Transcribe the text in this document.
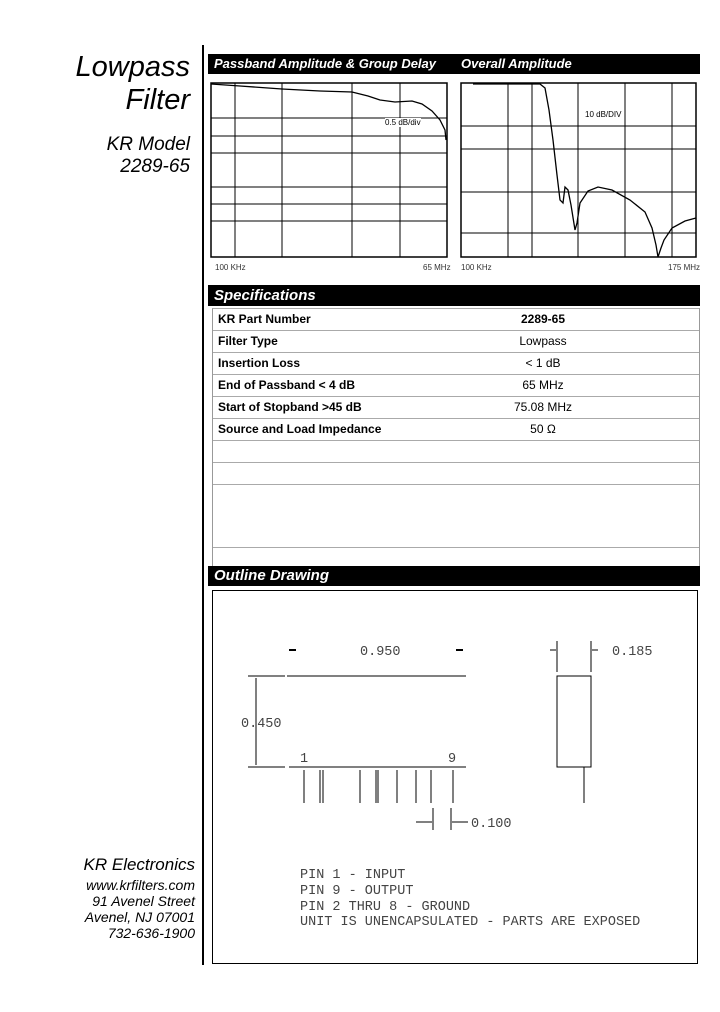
Lowpass
Filter
KR Model
2289-65
Passband Amplitude & Group Delay	Overall Amplitude
0.5 dB/div
10 dB/DIV
100 KHz	65 MHz 100 KHz	175 MHz
Specifications
KR Part Number	2289-65
Filter Type	Lowpass
Insertion Loss	< 1 dB
End of Passband < 4 dB	65 MHz
Start of Stopband >45 dB	75.08 MHz
Source and Load Impedance	50 Ω
Outline Drawing
0.950
0.450
0.185
0.100
1	9
PIN 1 - INPUT
PIN 9 - OUTPUT
PIN 2 THRU 8 - GROUND
UNIT IS UNENCAPSULATED - PARTS ARE EXPOSED
KR Electronics
www.krfilters.com
91 Avenel Street
Avenel, NJ 07001
732-636-1900
